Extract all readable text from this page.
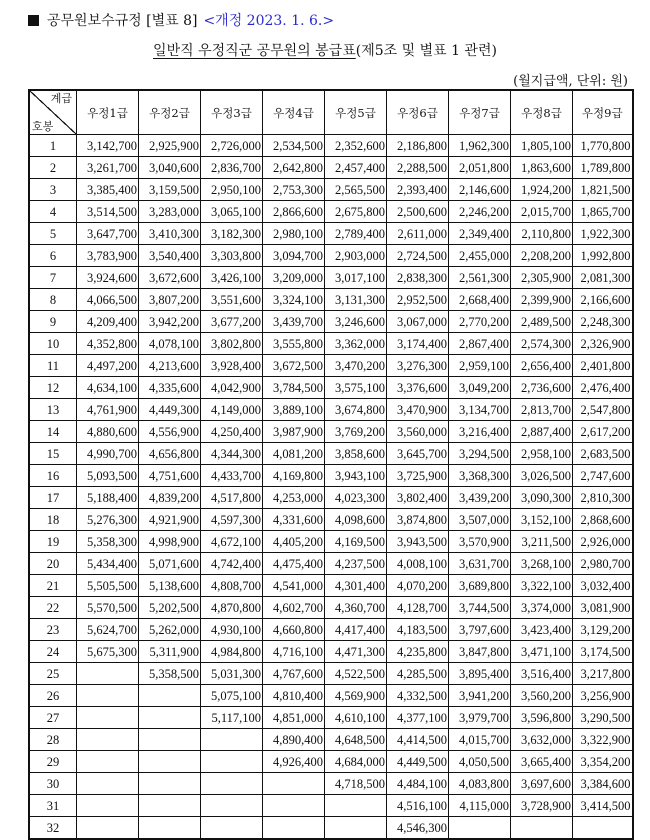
공무원보수규정 [별표 8] <개정 2023. 1. 6.>
일반직 우정직군 공무원의 봉급표(제5조 및 별표 1 관련)
(월지급액, 단위: 원)
계급
호봉	우정1급	우정2급	우정3급	우정4급	우정5급	우정6급	우정7급	우정8급	우정9급
1	3,142,700	2,925,900	2,726,000	2,534,500	2,352,600	2,186,800	1,962,300	1,805,100	1,770,800
2	3,261,700	3,040,600	2,836,700	2,642,800	2,457,400	2,288,500	2,051,800	1,863,600	1,789,800
3	3,385,400	3,159,500	2,950,100	2,753,300	2,565,500	2,393,400	2,146,600	1,924,200	1,821,500
4	3,514,500	3,283,000	3,065,100	2,866,600	2,675,800	2,500,600	2,246,200	2,015,700	1,865,700
5	3,647,700	3,410,300	3,182,300	2,980,100	2,789,400	2,611,000	2,349,400	2,110,800	1,922,300
6	3,783,900	3,540,400	3,303,800	3,094,700	2,903,000	2,724,500	2,455,000	2,208,200	1,992,800
7	3,924,600	3,672,600	3,426,100	3,209,000	3,017,100	2,838,300	2,561,300	2,305,900	2,081,300
8	4,066,500	3,807,200	3,551,600	3,324,100	3,131,300	2,952,500	2,668,400	2,399,900	2,166,600
9	4,209,400	3,942,200	3,677,200	3,439,700	3,246,600	3,067,000	2,770,200	2,489,500	2,248,300
10	4,352,800	4,078,100	3,802,800	3,555,800	3,362,000	3,174,400	2,867,400	2,574,300	2,326,900
11	4,497,200	4,213,600	3,928,400	3,672,500	3,470,200	3,276,300	2,959,100	2,656,400	2,401,800
12	4,634,100	4,335,600	4,042,900	3,784,500	3,575,100	3,376,600	3,049,200	2,736,600	2,476,400
13	4,761,900	4,449,300	4,149,000	3,889,100	3,674,800	3,470,900	3,134,700	2,813,700	2,547,800
14	4,880,600	4,556,900	4,250,400	3,987,900	3,769,200	3,560,000	3,216,400	2,887,400	2,617,200
15	4,990,700	4,656,800	4,344,300	4,081,200	3,858,600	3,645,700	3,294,500	2,958,100	2,683,500
16	5,093,500	4,751,600	4,433,700	4,169,800	3,943,100	3,725,900	3,368,300	3,026,500	2,747,600
17	5,188,400	4,839,200	4,517,800	4,253,000	4,023,300	3,802,400	3,439,200	3,090,300	2,810,300
18	5,276,300	4,921,900	4,597,300	4,331,600	4,098,600	3,874,800	3,507,000	3,152,100	2,868,600
19	5,358,300	4,998,900	4,672,100	4,405,200	4,169,500	3,943,500	3,570,900	3,211,500	2,926,000
20	5,434,400	5,071,600	4,742,400	4,475,400	4,237,500	4,008,100	3,631,700	3,268,100	2,980,700
21	5,505,500	5,138,600	4,808,700	4,541,000	4,301,400	4,070,200	3,689,800	3,322,100	3,032,400
22	5,570,500	5,202,500	4,870,800	4,602,700	4,360,700	4,128,700	3,744,500	3,374,000	3,081,900
23	5,624,700	5,262,000	4,930,100	4,660,800	4,417,400	4,183,500	3,797,600	3,423,400	3,129,200
24	5,675,300	5,311,900	4,984,800	4,716,100	4,471,300	4,235,800	3,847,800	3,471,100	3,174,500
25		5,358,500	5,031,300	4,767,600	4,522,500	4,285,500	3,895,400	3,516,400	3,217,800
26			5,075,100	4,810,400	4,569,900	4,332,500	3,941,200	3,560,200	3,256,900
27			5,117,100	4,851,000	4,610,100	4,377,100	3,979,700	3,596,800	3,290,500
28				4,890,400	4,648,500	4,414,500	4,015,700	3,632,000	3,322,900
29				4,926,400	4,684,000	4,449,500	4,050,500	3,665,400	3,354,200
30					4,718,500	4,484,100	4,083,800	3,697,600	3,384,600
31						4,516,100	4,115,000	3,728,900	3,414,500
32						4,546,300			
